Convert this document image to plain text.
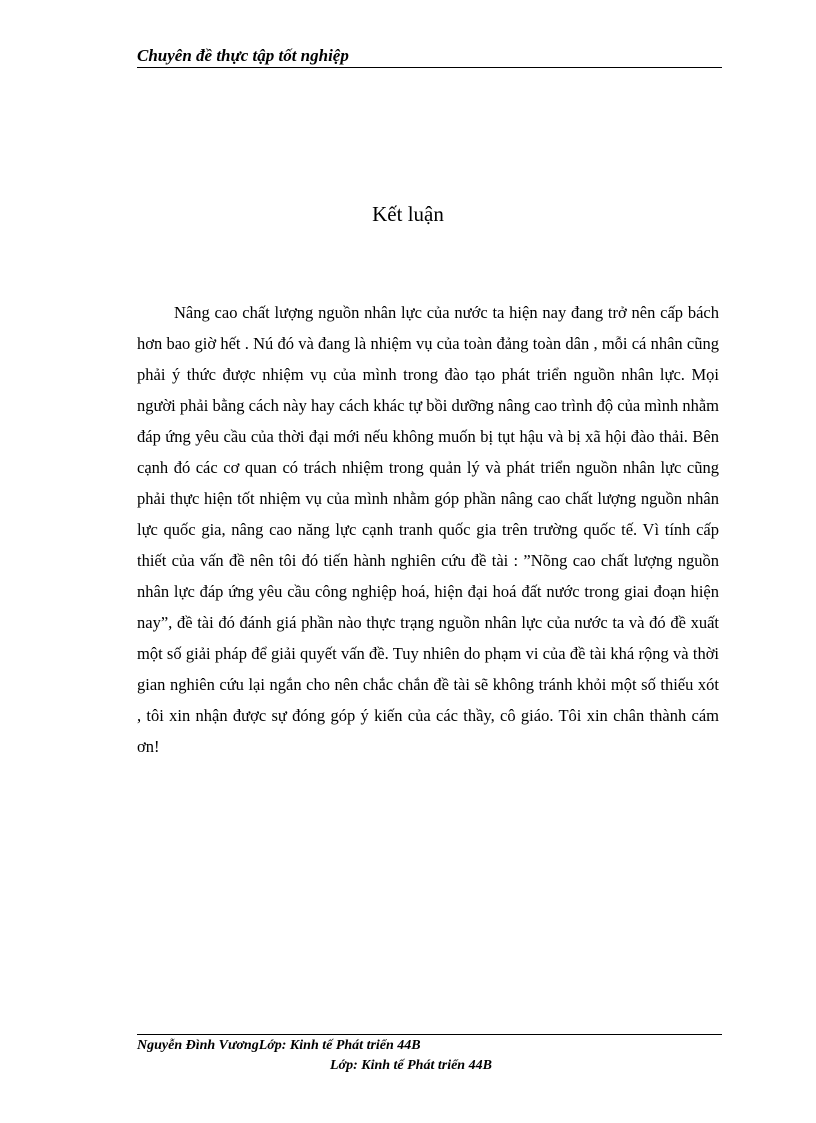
Chuyên đề thực tập tốt nghiệp
Kết luận

Nâng cao chất lượng nguồn nhân lực của nước ta hiện nay đang trở nên cấp bách hơn bao giờ hết . Nú đó và đang là nhiệm vụ của toàn đảng toàn dân , mỗi cá nhân cũng phải ý thức được nhiệm vụ của mình trong đào tạo phát triển nguồn nhân lực. Mọi người phải bằng cách này hay cách khác tự bồi dưỡng nâng cao trình độ của mình nhằm đáp ứng yêu cầu của thời đại mới nếu không muốn bị tụt hậu và bị xã hội đào thải. Bên cạnh đó các cơ quan có trách nhiệm trong quản lý và phát triển nguồn nhân lực cũng phải thực hiện tốt nhiệm vụ của mình nhằm góp phần nâng cao chất lượng nguồn nhân lực quốc gia, nâng cao năng lực cạnh tranh quốc gia trên trường quốc tế. Vì tính cấp thiết của vấn đề nên tôi đó tiến hành nghiên cứu đề tài : ”Nõng cao chất lượng nguồn nhân lực đáp ứng yêu cầu công nghiệp hoá, hiện đại hoá đất nước trong giai đoạn hiện nay”, đề tài đó đánh giá phần nào thực trạng nguồn nhân lực của nước ta và đó đề xuất một số giải pháp để giải quyết vấn đề. Tuy nhiên do phạm vi của đề tài khá rộng và thời gian nghiên cứu lại ngắn cho nên chắc chắn đề tài sẽ không tránh khỏi một số thiếu xót , tôi xin nhận được sự đóng góp ý kiến của các thầy, cô giáo. Tôi xin chân thành cám ơn!

Nguyễn Đình VươngLớp: Kinh tế Phát triển 44B
Lớp: Kinh tế Phát triển 44B
